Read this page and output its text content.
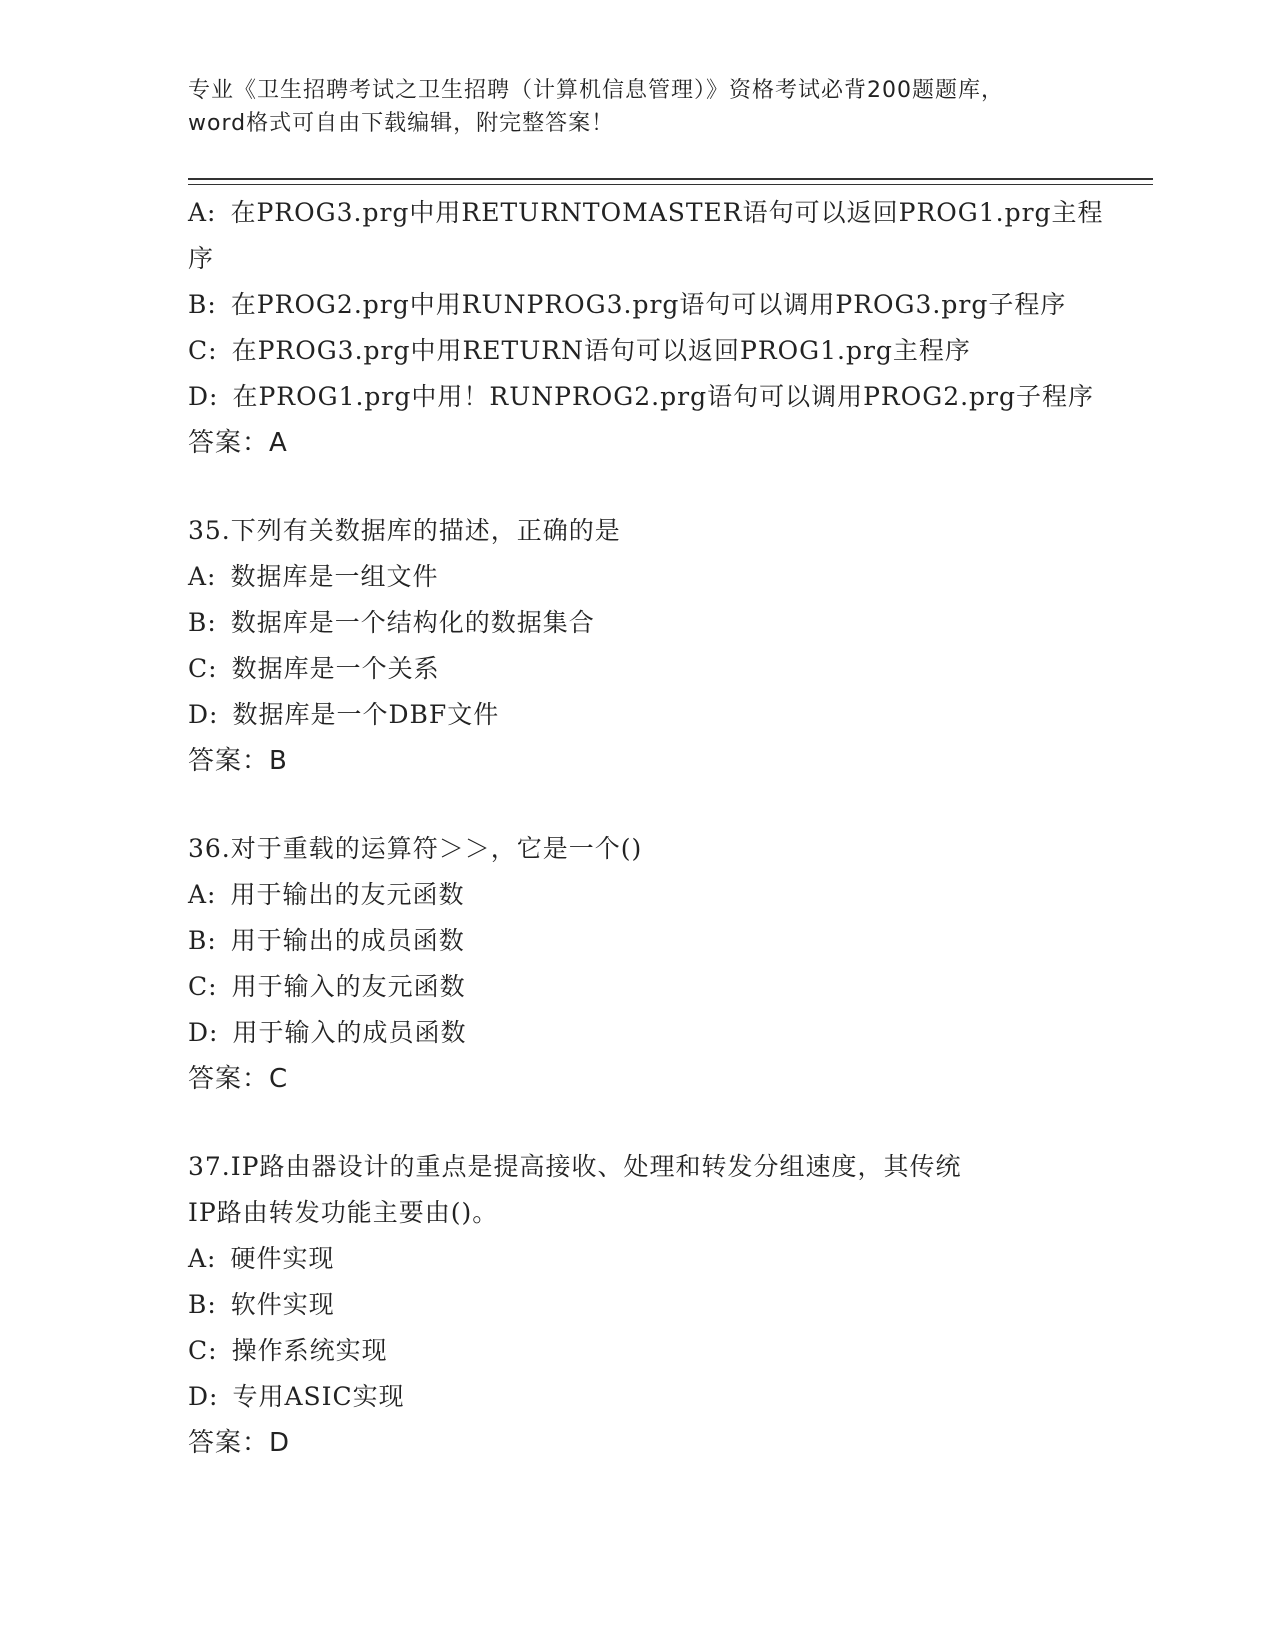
专业《卫生招聘考试之卫生招聘（计算机信息管理）》资格考试必背200题题库，
word格式可自由下载编辑，附完整答案！
A: 在PROG3.prg中用RETURNTOMASTER语句可以返回PROG1.prg主程
序
B: 在PROG2.prg中用RUNPROG3.prg语句可以调用PROG3.prg子程序
C: 在PROG3.prg中用RETURN语句可以返回PROG1.prg主程序
D: 在PROG1.prg中用！RUNPROG2.prg语句可以调用PROG2.prg子程序
答案：A
35.下列有关数据库的描述，正确的是
A: 数据库是一组文件
B: 数据库是一个结构化的数据集合
C: 数据库是一个关系
D: 数据库是一个DBF文件
答案：B
36.对于重载的运算符＞＞，它是一个()
A: 用于输出的友元函数
B: 用于输出的成员函数
C: 用于输入的友元函数
D: 用于输入的成员函数
答案：C
37.IP路由器设计的重点是提高接收、处理和转发分组速度，其传统
IP路由转发功能主要由()。
A: 硬件实现
B: 软件实现
C: 操作系统实现
D: 专用ASIC实现
答案：D
